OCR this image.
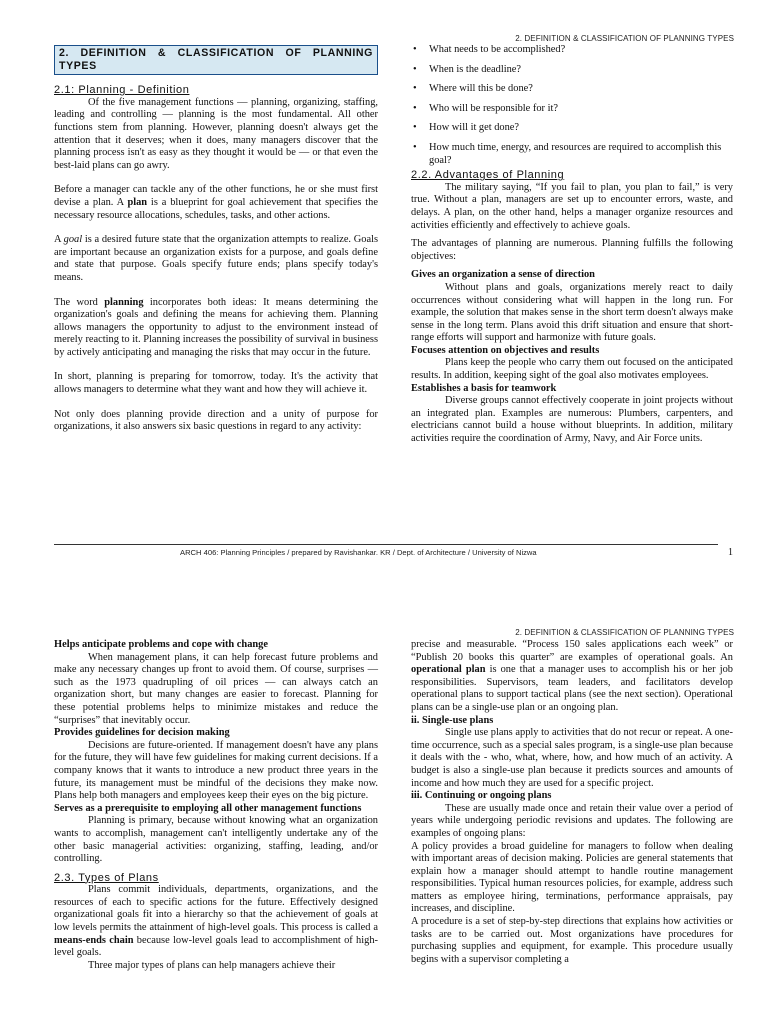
2. DEFINITION & CLASSIFICATION OF PLANNING TYPES
2. DEFINITION & CLASSIFICATION OF PLANNING TYPES
2.1: Planning - Definition

Of the five management functions — planning, organizing, staffing, leading and controlling — planning is the most fundamental. All other functions stem from planning. However, planning doesn't always get the attention that it deserves; when it does, many managers discover that the planning process isn't as easy as they thought it would be — or that even the best-laid plans can go awry.

Before a manager can tackle any of the other functions, he or she must first devise a plan. A plan is a blueprint for goal achievement that specifies the necessary resource allocations, schedules, tasks, and other actions.

A goal is a desired future state that the organization attempts to realize. Goals are important because an organization exists for a purpose, and goals define and state that purpose. Goals specify future ends; plans specify today's means.

The word planning incorporates both ideas: It means determining the organization's goals and defining the means for achieving them. Planning allows managers the opportunity to adjust to the environment instead of merely reacting to it. Planning increases the possibility of survival in business by actively anticipating and managing the risks that may occur in the future.

In short, planning is preparing for tomorrow, today. It's the activity that allows managers to determine what they want and how they will achieve it.

Not only does planning provide direction and a unity of purpose for organizations, it also answers six basic questions in regard to any activity:

• What needs to be accomplished?
• When is the deadline?
• Where will this be done?
• Who will be responsible for it?
• How will it get done?
• How much time, energy, and resources are required to accomplish this goal?
2.2. Advantages of Planning

The military saying, “If you fail to plan, you plan to fail,” is very true. Without a plan, managers are set up to encounter errors, waste, and delays. A plan, on the other hand, helps a manager organize resources and activities efficiently and effectively to achieve goals.

The advantages of planning are numerous. Planning fulfills the following objectives:

Gives an organization a sense of direction

Without plans and goals, organizations merely react to daily occurrences without considering what will happen in the long run. For example, the solution that makes sense in the short term doesn't always make sense in the long term. Plans avoid this drift situation and ensure that short-range efforts will support and harmonize with future goals.

Focuses attention on objectives and results

Plans keep the people who carry them out focused on the anticipated results. In addition, keeping sight of the goal also motivates employees.

Establishes a basis for teamwork

Diverse groups cannot effectively cooperate in joint projects without an integrated plan. Examples are numerous: Plumbers, carpenters, and electricians cannot build a house without blueprints. In addition, military activities require the coordination of Army, Navy, and Air Force units.

ARCH 406: Planning Principles / prepared by Ravishankar. KR / Dept. of Architecture / University of Nizwa	1
2. DEFINITION & CLASSIFICATION OF PLANNING TYPES

Helps anticipate problems and cope with change

When management plans, it can help forecast future problems and make any necessary changes up front to avoid them. Of course, surprises — such as the 1973 quadrupling of oil prices — can always catch an organization short, but many changes are easier to forecast. Planning for these potential problems helps to minimize mistakes and reduce the “surprises” that inevitably occur.

Provides guidelines for decision making

Decisions are future-oriented. If management doesn't have any plans for the future, they will have few guidelines for making current decisions. If a company knows that it wants to introduce a new product three years in the future, its management must be mindful of the decisions they make now. Plans help both managers and employees keep their eyes on the big picture.

Serves as a prerequisite to employing all other management functions

Planning is primary, because without knowing what an organization wants to accomplish, management can't intelligently undertake any of the other basic managerial activities: organizing, staffing, leading, and/or controlling.

2.3. Types of Plans

Plans commit individuals, departments, organizations, and the resources of each to specific actions for the future. Effectively designed organizational goals fit into a hierarchy so that the achievement of goals at low levels permits the attainment of high-level goals. This process is called a means-ends chain because low-level goals lead to accomplishment of high-level goals.

Three major types of plans can help managers achieve their

precise and measurable. “Process 150 sales applications each week” or “Publish 20 books this quarter” are examples of operational goals. An operational plan is one that a manager uses to accomplish his or her job responsibilities. Supervisors, team leaders, and facilitators develop operational plans to support tactical plans (see the next section). Operational plans can be a single-use plan or an ongoing plan.

ii. Single-use plans

Single use plans apply to activities that do not recur or repeat. A one-time occurrence, such as a special sales program, is a single-use plan because it deals with the - who, what, where, how, and how much of an activity. A budget is also a single-use plan because it predicts sources and amounts of income and how much they are used for a specific project.

iii. Continuing or ongoing plans

These are usually made once and retain their value over a period of years while undergoing periodic revisions and updates. The following are examples of ongoing plans:

A policy provides a broad guideline for managers to follow when dealing with important areas of decision making. Policies are general statements that explain how a manager should attempt to handle routine management responsibilities. Typical human resources policies, for example, address such matters as employee hiring, terminations, performance appraisals, pay increases, and discipline.

A procedure is a set of step-by-step directions that explains how activities or tasks are to be carried out. Most organizations have procedures for purchasing supplies and equipment, for example. This procedure usually begins with a supervisor completing a
